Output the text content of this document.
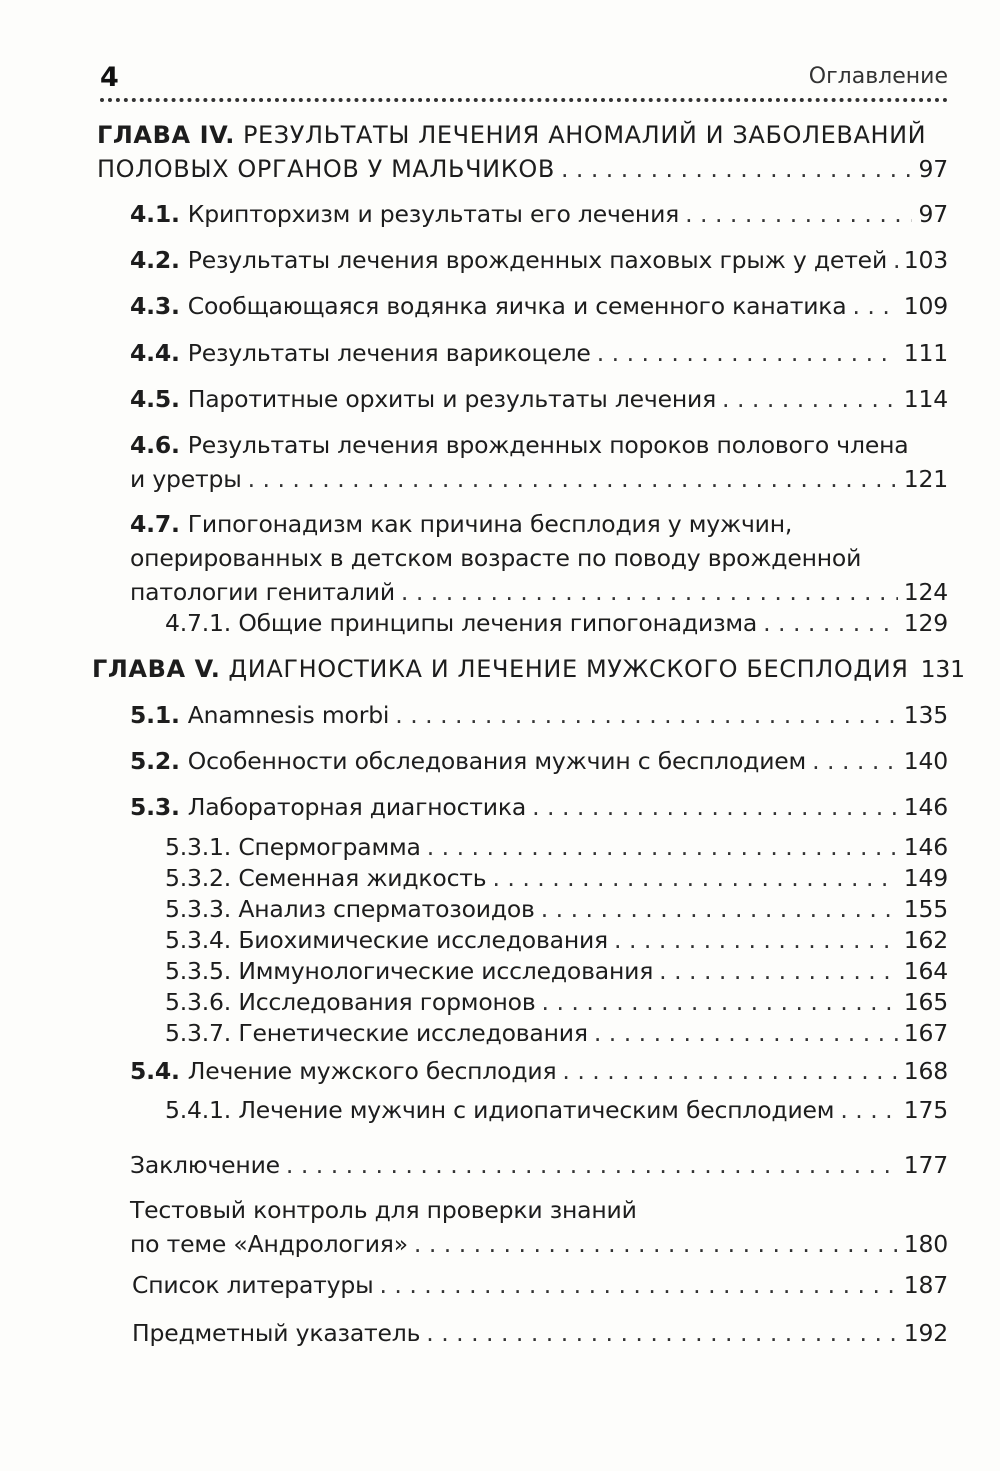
4	Оглавление
ГЛАВА IV. РЕЗУЛЬТАТЫ ЛЕЧЕНИЯ АНОМАЛИЙ И ЗАБОЛЕВАНИЙ
ПОЛОВЫХ ОРГАНОВ У МАЛЬЧИКОВ . . .	97
4.1. Крипторхизм и результаты его лечения . . .	97
4.2. Результаты лечения врожденных паховых грыж у детей . . . 103
4.3. Сообщающаяся водянка яичка и семенного канатика . . . 109
4.4. Результаты лечения варикоцеле . . .	111
4.5. Паротитные орхиты и результаты лечения . . .	114
4.6. Результаты лечения врожденных пороков полового члена
и уретры . . .	121
4.7. Гипогонадизм как причина бесплодия у мужчин,
оперированных в детском возрасте по поводу врожденной
патологии гениталий . . .	124
4.7.1. Общие принципы лечения гипогонадизма . . .	129
ГЛАВА V. ДИАГНОСТИКА И ЛЕЧЕНИЕ МУЖСКОГО БЕСПЛОДИЯ 131
5.1. Anamnesis morbi . . .	135
5.2. Особенности обследования мужчин с бесплодием . . .	140
5.3. Лабораторная диагностика . . .	146
5.3.1. Спермограмма . . .	146
5.3.2. Семенная жидкость . . .	149
5.3.3. Анализ сперматозоидов . . .	155
5.3.4. Биохимические исследования . . .	162
5.3.5. Иммунологические исследования . . .	164
5.3.6. Исследования гормонов . . .	165
5.3.7. Генетические исследования . . .	167
5.4. Лечение мужского бесплодия . . .	168
5.4.1. Лечение мужчин с идиопатическим бесплодием . . .	175
Заключение . . .	177
Тестовый контроль для проверки знаний
по теме «Андрология» . . .	180
Список литературы . . .	187
Предметный указатель . . .	192
